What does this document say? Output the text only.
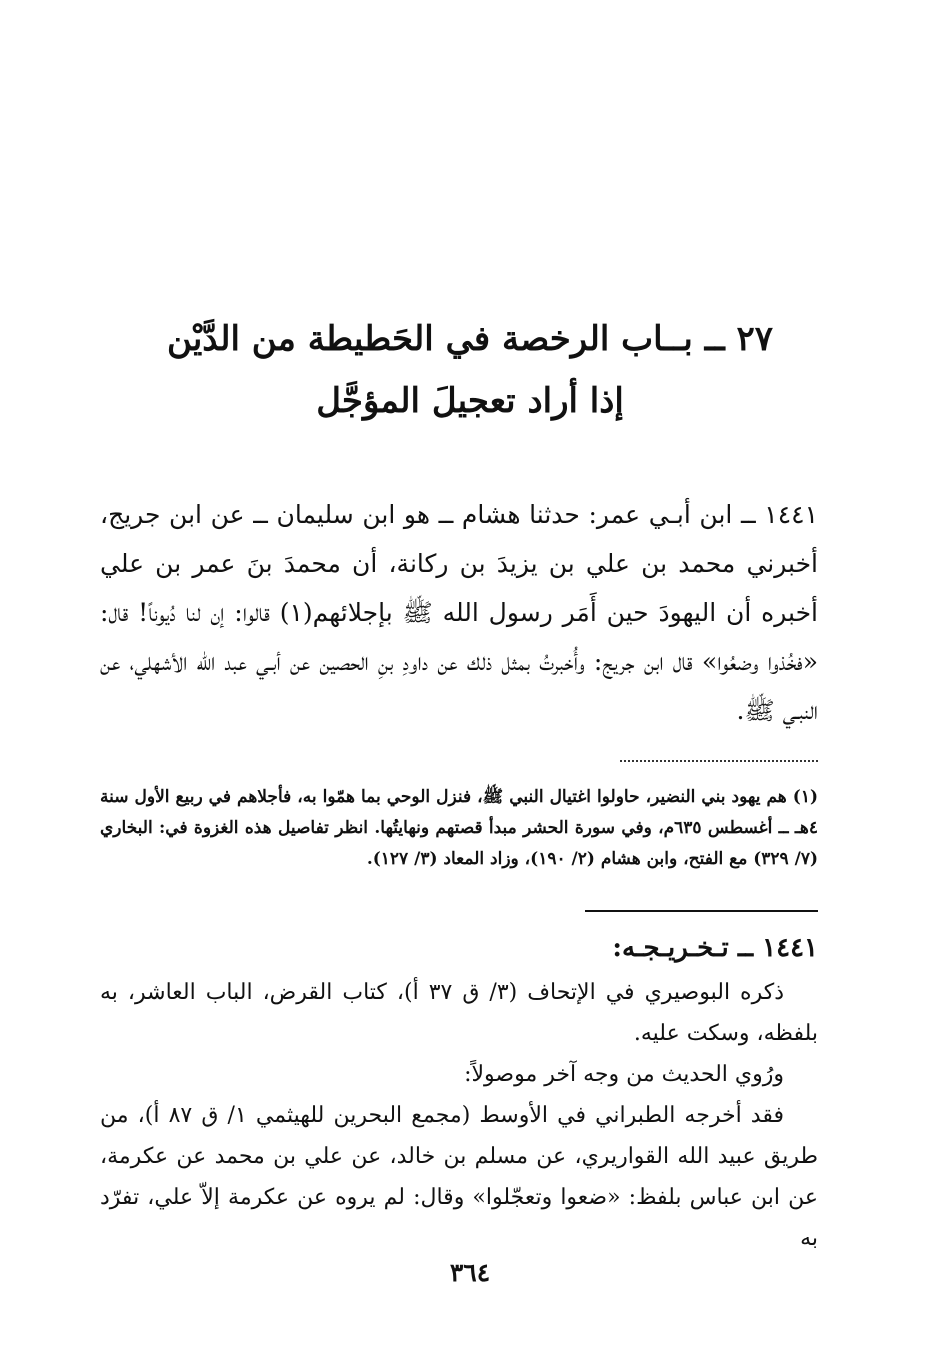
٢٧ ــ بــاب الرخصة في الحَطيطة من الدَّيْن
إذا أراد تعجيلَ المؤجَّل
١٤٤١ ــ ابن أبـي عمر: حدثنا هشام ــ هو ابن سليمان ــ عن ابن جريج، أخبرني محمد بن علي بن يزيدَ بن ركانة، أن محمدَ بنَ عمر بن علي أخبره أن اليهودَ حين أَمَر رسول الله ﷺ بإجلائهم(١) قالوا: إن لنا دُيوناً! قال: «فخُذوا وضعُوا» قال ابن جريج: وأُخبرتُ بمثل ذلك عن داودِ بنِ الحصين عن أبـي عبد الله الأشهلي، عن النبـي ﷺ.
(١) هم يهود بني النضير، حاولوا اغتيال النبي ﷺ، فنزل الوحي بما همّوا به، فأجلاهم في ربيع الأول سنة ٤هـ ــ أغسطس ٦٣٥م، وفي سورة الحشر مبدأ قصتهم ونهايتُها. انظر تفاصيل هذه الغزوة في: البخاري (٧/ ٣٢٩) مع الفتح، وابن هشام (٢/ ١٩٠)، وزاد المعاد (٣/ ١٢٧).
١٤٤١ ــ تـخـريـجـه:

ذكره البوصيري في الإتحاف (٣/ ق ٣٧ أ)، كتاب القرض، الباب العاشر، به بلفظه، وسكت عليه.

ورُوي الحديث من وجه آخر موصولاً:

فقد أخرجه الطبراني في الأوسط (مجمع البحرين للهيثمي ١/ ق ٨٧ أ)، من طريق عبيد الله القواريري، عن مسلم بن خالد، عن علي بن محمد عن عكرمة، عن ابن عباس بلفظ: «ضعوا وتعجّلوا» وقال: لم يروه عن عكرمة إلاّ علي، تفرّد به

٣٦٤
